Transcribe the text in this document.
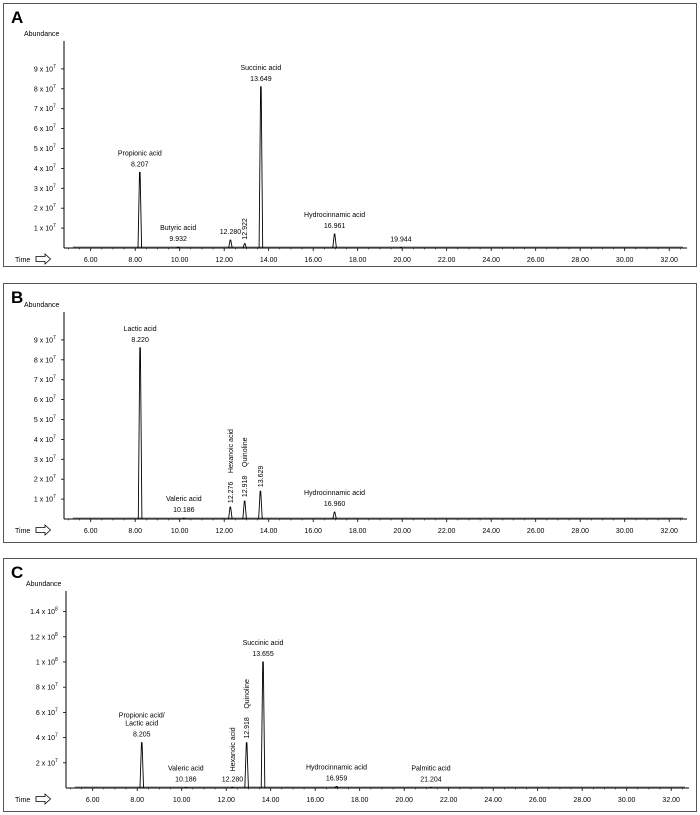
A
Abundance
1 x 10 7
2 x 10 7
3 x 10 7
4 x 10 7
5 x 10 7
6 x 10 7
7 x 10 7
8 x 10 7
9 x 10 7
6.00	8.00	10.00	12.00	14.00	16.00	18.00	20.00	22.00	24.00	26.00	28.00	30.00	32.00
Time
8.207
Propionic acid
9.932
Butyric acid
12.280 12.922
13.649
Succinic acid
16.961
Hydrocinnamic acid
19.944
B Abundance
1 x 10 7
2 x 10 7
3 x 10 7
4 x 10 7
5 x 10 7
6 x 10 7
7 x 10 7
8 x 10 7
9 x 10 7
6.00	8.00	10.00	12.00	14.00	16.00	18.00	20.00	22.00	24.00	26.00	28.00	30.00	32.00
Time
8.220
Lactic acid
10.186
Valeric acid	12.276
Hexanoic acid
12.918
Quinoline
13.629
16.960
Hydrocinnamic acid
C
Abundance
2 x 10 7
4 x 10 7
6 x 10 7
8 x 10 7
1 x 10 8
1.2 x 10 8
1.4 x 10 8
6.00	8.00	10.00	12.00	14.00	16.00	18.00	20.00	22.00	24.00	26.00	28.00	30.00	32.00
Time
8.205
Propionic acid/
Lactic acid
10.186
Valeric acid
12.280
Hexanoic acid 12.918
Quinoline
13.655
Succinic acid
16.959
Hydrocinnamic acid
21.204
Palmitic acid
